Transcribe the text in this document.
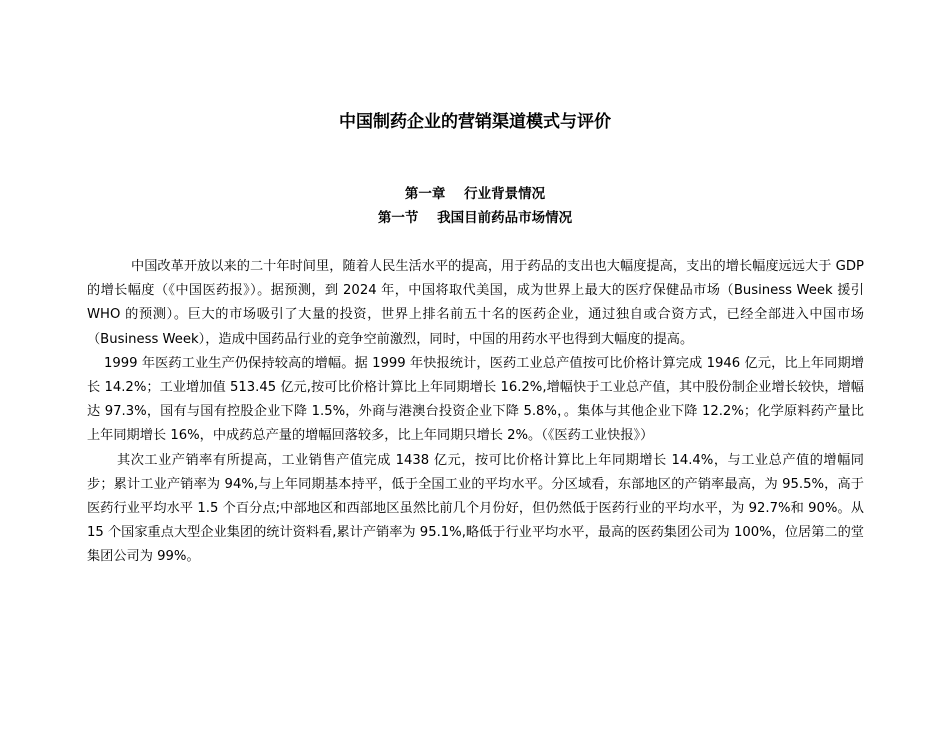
中国制药企业的营销渠道模式与评价
第一章    行业背景情况
第一节    我国目前药品市场情况

中国改革开放以来的二十年时间里，随着人民生活水平的提高，用于药品的支出也大幅度提高，支出的增长幅度远远大于 GDP 的增长幅度（《中国医药报》）。据预测，到 2024 年，中国将取代美国，成为世界上最大的医疗保健品市场（Business Week 援引 WHO 的预测）。巨大的市场吸引了大量的投资，世界上排名前五十名的医药企业，通过独自或合资方式，已经全部进入中国市场（Business Week），造成中国药品行业的竞争空前激烈，同时，中国的用药水平也得到大幅度的提高。

1999 年医药工业生产仍保持较高的增幅。据 1999 年快报统计，医药工业总产值按可比价格计算完成 1946 亿元，比上年同期增长 14.2%；工业增加值 513.45 亿元,按可比价格计算比上年同期增长 16.2%,增幅快于工业总产值，其中股份制企业增长较快，增幅达 97.3%，国有与国有控股企业下降 1.5%，外商与港澳台投资企业下降 5.8%，。集体与其他企业下降 12.2%；化学原料药产量比上年同期增长 16%，中成药总产量的增幅回落较多，比上年同期只增长 2%。（《医药工业快报》）

其次工业产销率有所提高，工业销售产值完成 1438 亿元，按可比价格计算比上年同期增长 14.4%，与工业总产值的增幅同步；累计工业产销率为 94%,与上年同期基本持平，低于全国工业的平均水平。分区域看，东部地区的产销率最高，为 95.5%，高于医药行业平均水平 1.5 个百分点;中部地区和西部地区虽然比前几个月份好，但仍然低于医药行业的平均水平，为 92.7%和 90%。从 15 个国家重点大型企业集团的统计资料看,累计产销率为 95.1%,略低于行业平均水平，最高的医药集团公司为 100%，位居第二的堂集团公司为 99%。
